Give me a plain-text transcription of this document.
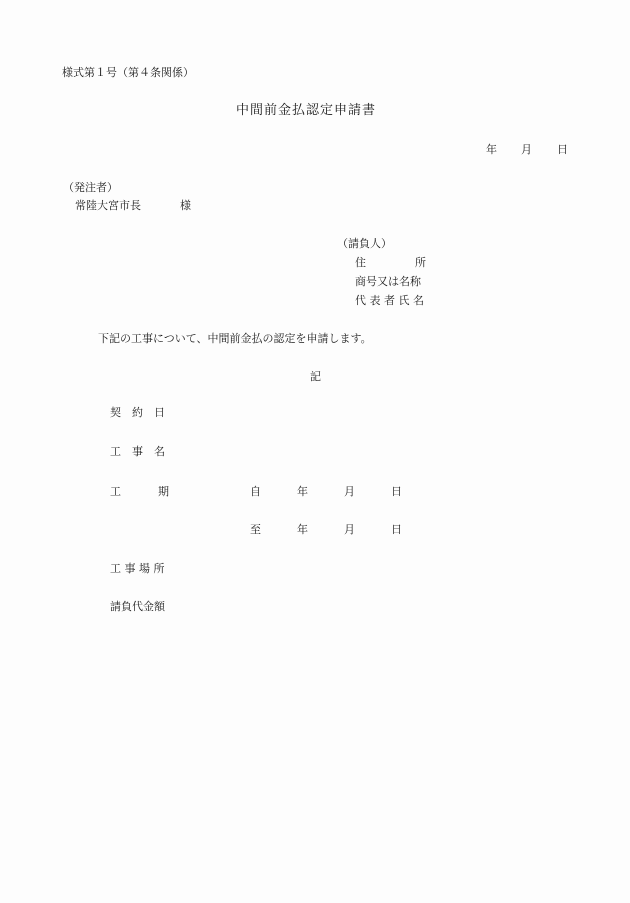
様式第１号（第４条関係）
中間前金払認定申請書
年 月 日
（発注者）
常陸大宮市長	様
（請負人）
住	所
商号又は名称
代 表 者 氏 名
下記の工事について、中間前金払の認定を申請します。
記
契　約　日
工　事　名
工	期	自	年	月	日
至	年	月	日
工 事 場 所
請負代金額
